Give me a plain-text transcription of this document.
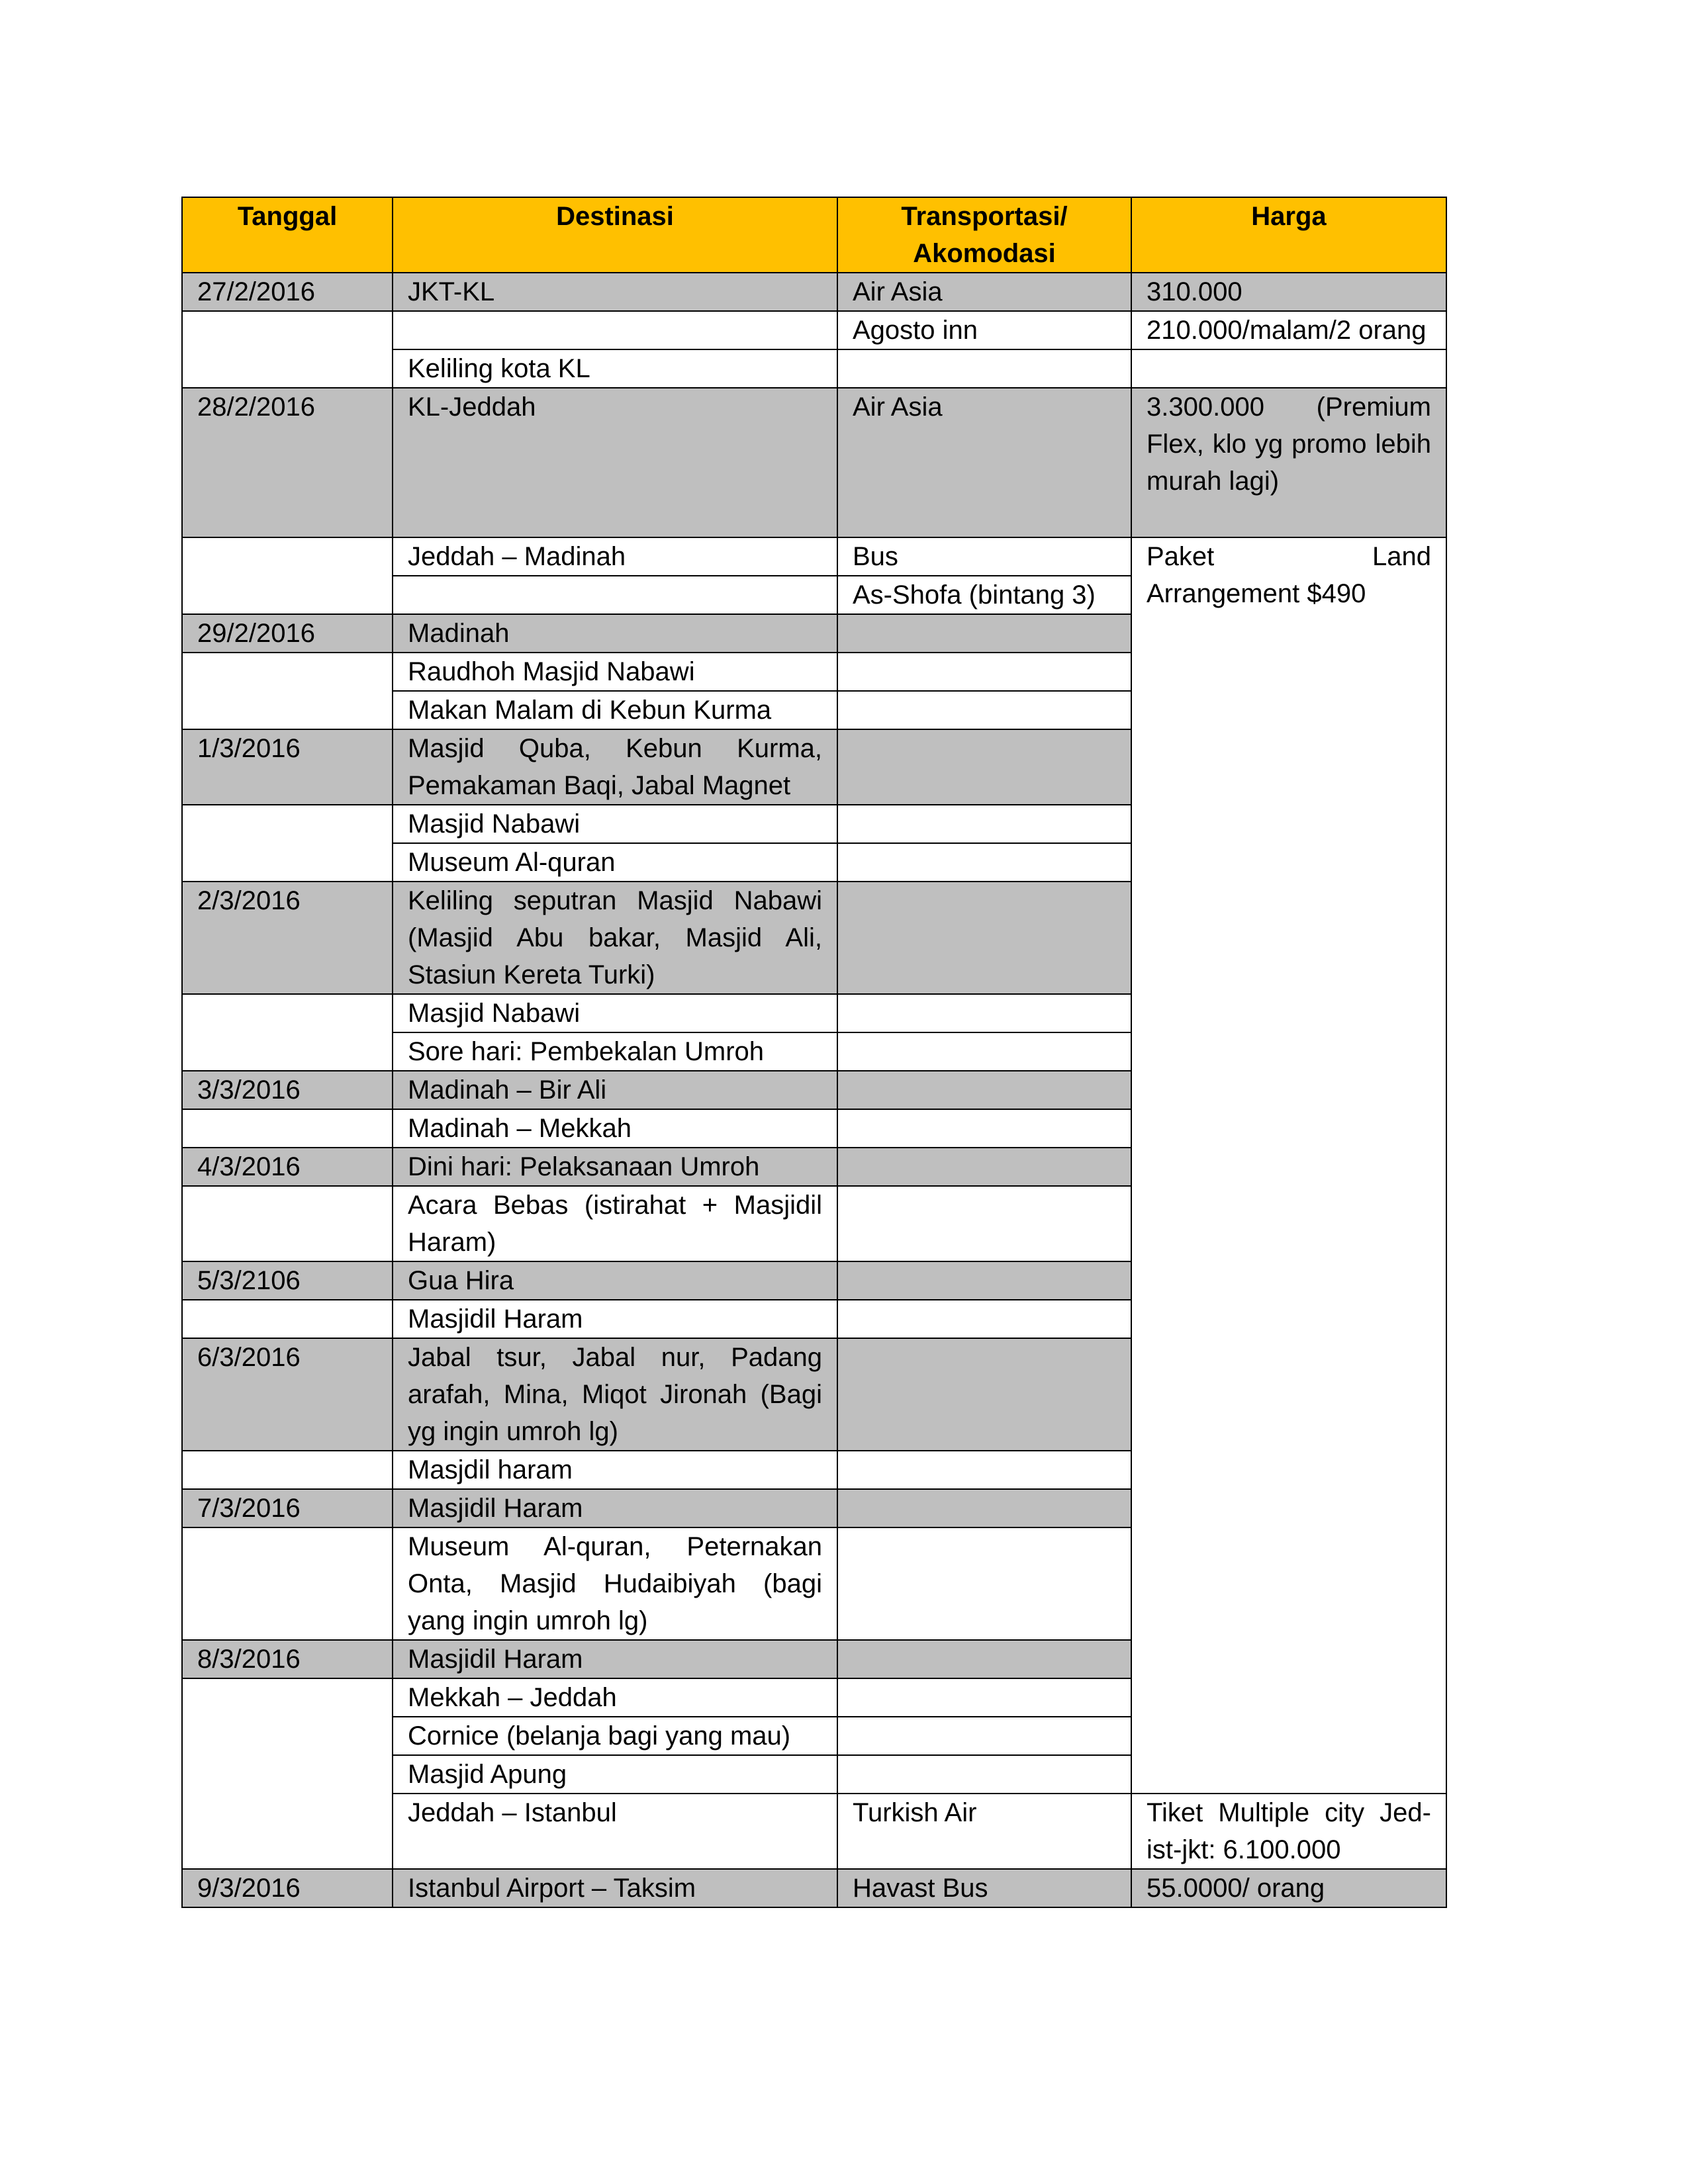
Tanggal	Destinasi	Transportasi/ Akomodasi	Harga
27/2/2016	JKT-KL	Air Asia	310.000
		Agosto inn	210.000/malam/2 orang
	Keliling kota KL		
28/2/2016	KL-Jeddah	Air Asia	3.300.000 (Premium Flex, klo yg promo lebih murah lagi)
	Jeddah – Madinah	Bus	Paket Land Arrangement $490
		As-Shofa (bintang 3)	
29/2/2016	Madinah		
	Raudhoh Masjid Nabawi		
	Makan Malam di Kebun Kurma		
1/3/2016	Masjid Quba, Kebun Kurma, Pemakaman Baqi, Jabal Magnet		
	Masjid Nabawi		
	Museum Al-quran		
2/3/2016	Keliling seputran Masjid Nabawi (Masjid Abu bakar, Masjid Ali, Stasiun Kereta Turki)		
	Masjid Nabawi		
	Sore hari: Pembekalan Umroh		
3/3/2016	Madinah – Bir Ali		
	Madinah – Mekkah		
4/3/2016	Dini hari: Pelaksanaan Umroh		
	Acara Bebas (istirahat + Masjidil Haram)		
5/3/2106	Gua Hira		
	Masjidil Haram		
6/3/2016	Jabal tsur, Jabal nur, Padang arafah, Mina, Miqot Jironah (Bagi yg ingin umroh lg)		
	Masjdil haram		
7/3/2016	Masjidil Haram		
	Museum Al-quran, Peternakan Onta, Masjid Hudaibiyah (bagi yang ingin umroh lg)		
8/3/2016	Masjidil Haram		
	Mekkah – Jeddah		
	Cornice (belanja bagi yang mau)		
	Masjid Apung		
	Jeddah – Istanbul	Turkish Air	Tiket Multiple city Jed-ist-jkt: 6.100.000
9/3/2016	Istanbul Airport – Taksim	Havast Bus	55.0000/ orang
